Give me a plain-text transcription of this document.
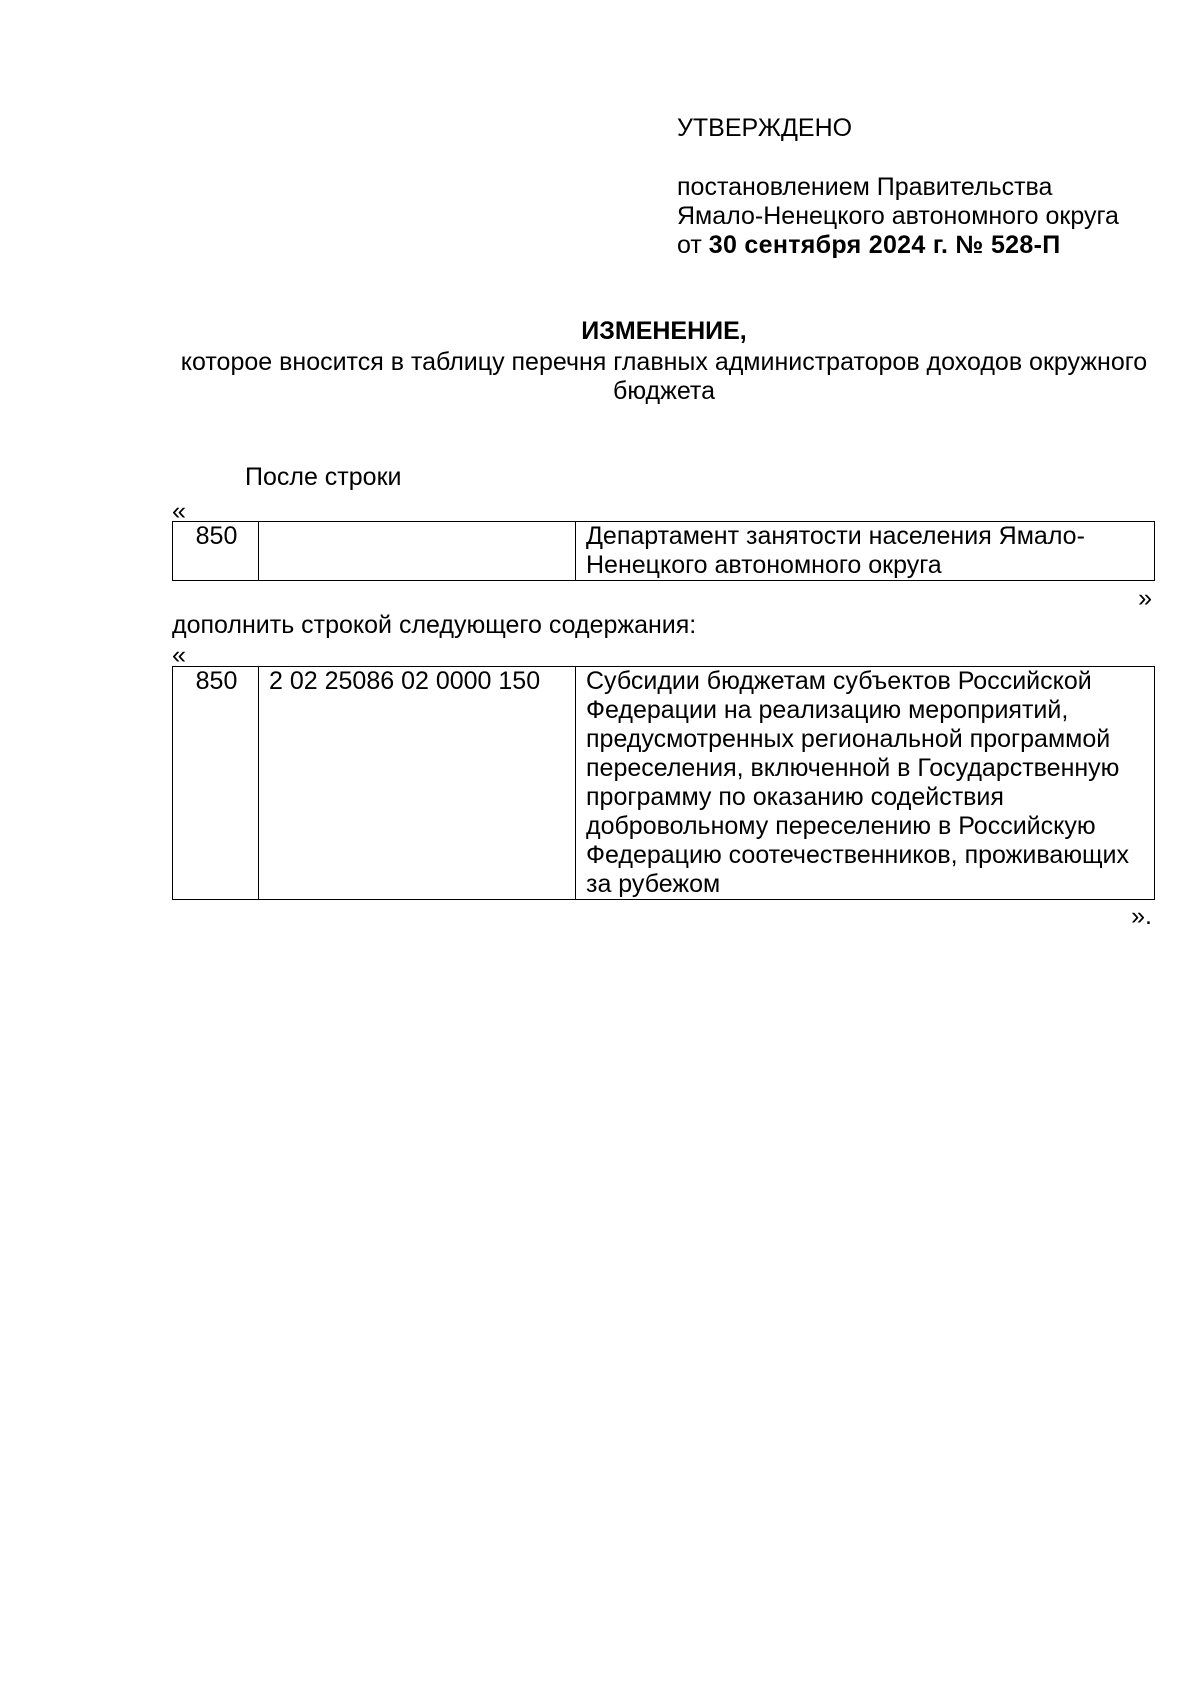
УТВЕРЖДЕНО
постановлением Правительства
Ямало-Ненецкого автономного округа
от 30 сентября 2024 г. № 528-П
ИЗМЕНЕНИЕ,
которое вносится в таблицу перечня главных администраторов доходов окружного бюджета
После строки
«
850		Департамент занятости населения Ямало-Ненецкого автономного округа
»
дополнить строкой следующего содержания:
«
850	2 02 25086 02 0000 150	Субсидии бюджетам субъектов Российской Федерации на реализацию мероприятий, предусмотренных региональной программой переселения, включенной в Государственную программу по оказанию содействия добровольному переселению в Российскую Федерацию соотечественников, проживающих за рубежом
».
